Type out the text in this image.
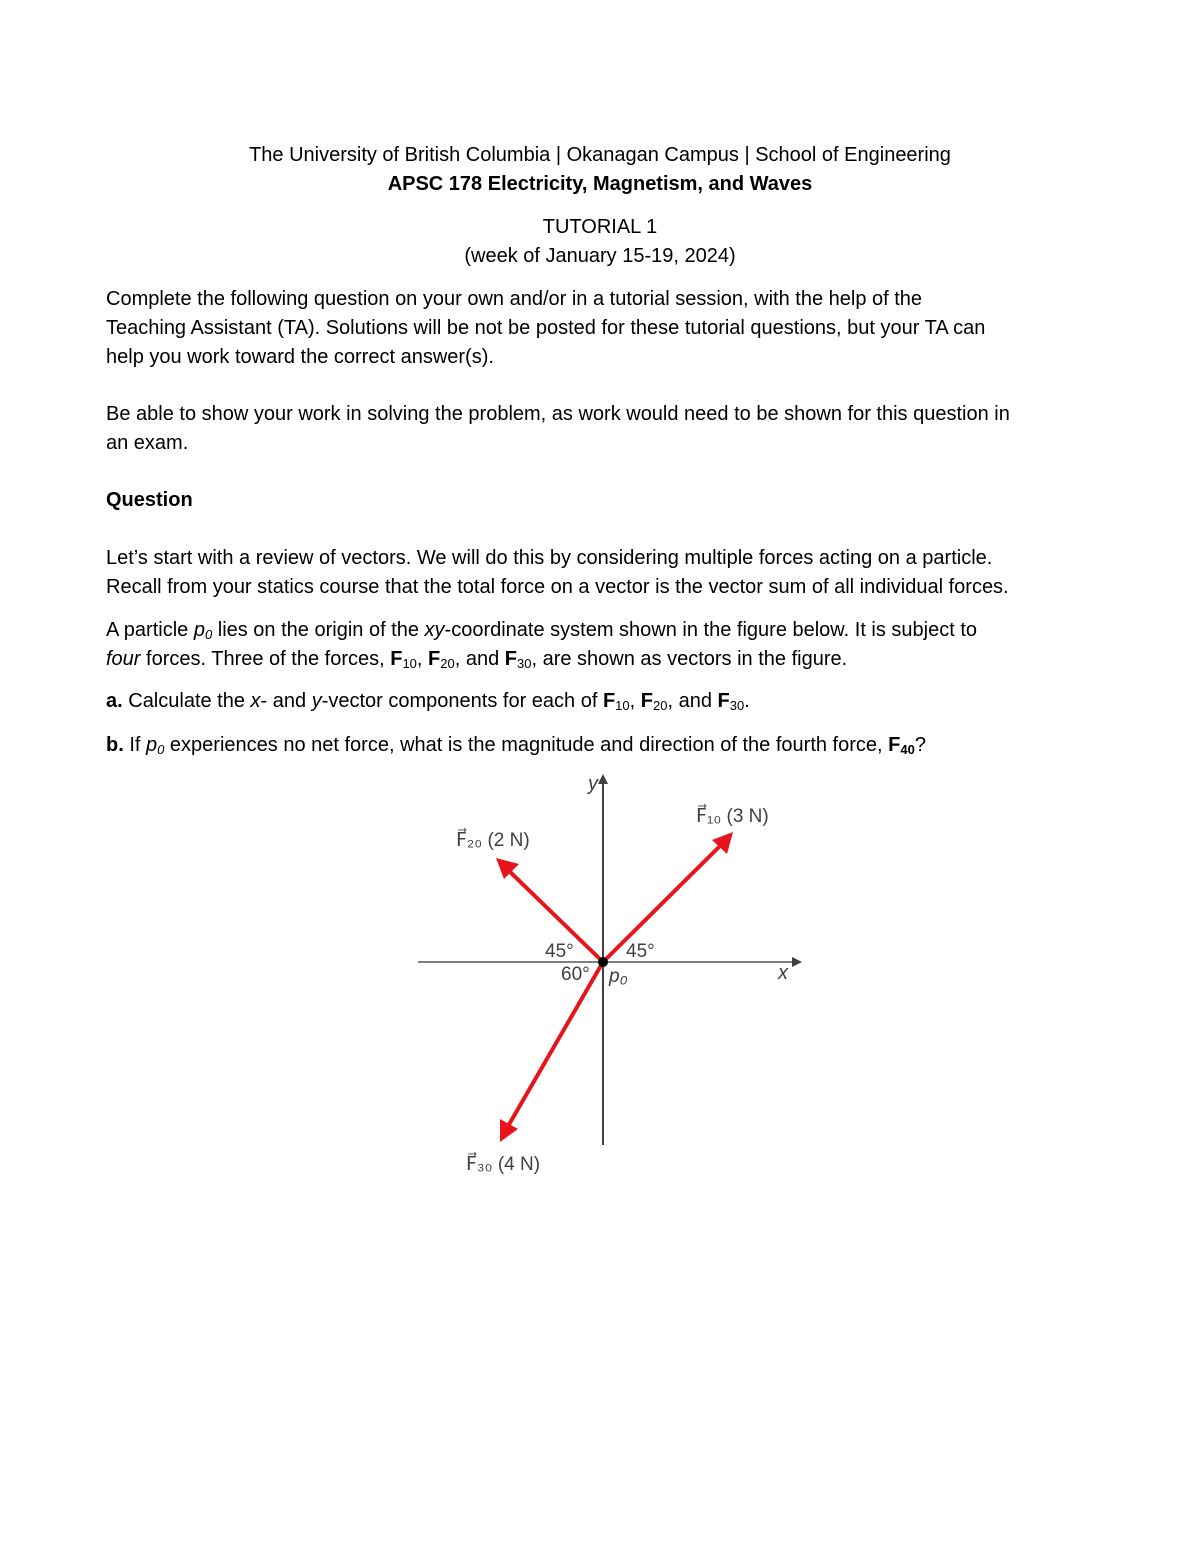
The University of British Columbia | Okanagan Campus | School of Engineering
APSC 178 Electricity, Magnetism, and Waves
TUTORIAL 1
(week of January 15-19, 2024)
Complete the following question on your own and/or in a tutorial session, with the help of the
Teaching Assistant (TA). Solutions will be not be posted for these tutorial questions, but your TA can
help you work toward the correct answer(s).
Be able to show your work in solving the problem, as work would need to be shown for this question in
an exam.
Question
Let’s start with a review of vectors. We will do this by considering multiple forces acting on a particle.
Recall from your statics course that the total force on a vector is the vector sum of all individual forces.
A particle $p_0$ lies on the origin of the xy-coordinate system shown in the figure below. It is subject to
four forces. Three of the forces, $F_{10}$, $F_{20}$, and $F_{30}$, are shown as vectors in the figure.
a. Calculate the x- and y-vector components for each of $F_{10}$, $F_{20}$, and $F_{30}$.
b. If $p_0$ experiences no net force, what is the magnitude and direction of the fourth force, $F_{40}$?
x
y
F⃗₁₀ (3 N)
F⃗₂₀ (2 N)
F⃗₃₀ (4 N)
45°	45°
60° p₀
